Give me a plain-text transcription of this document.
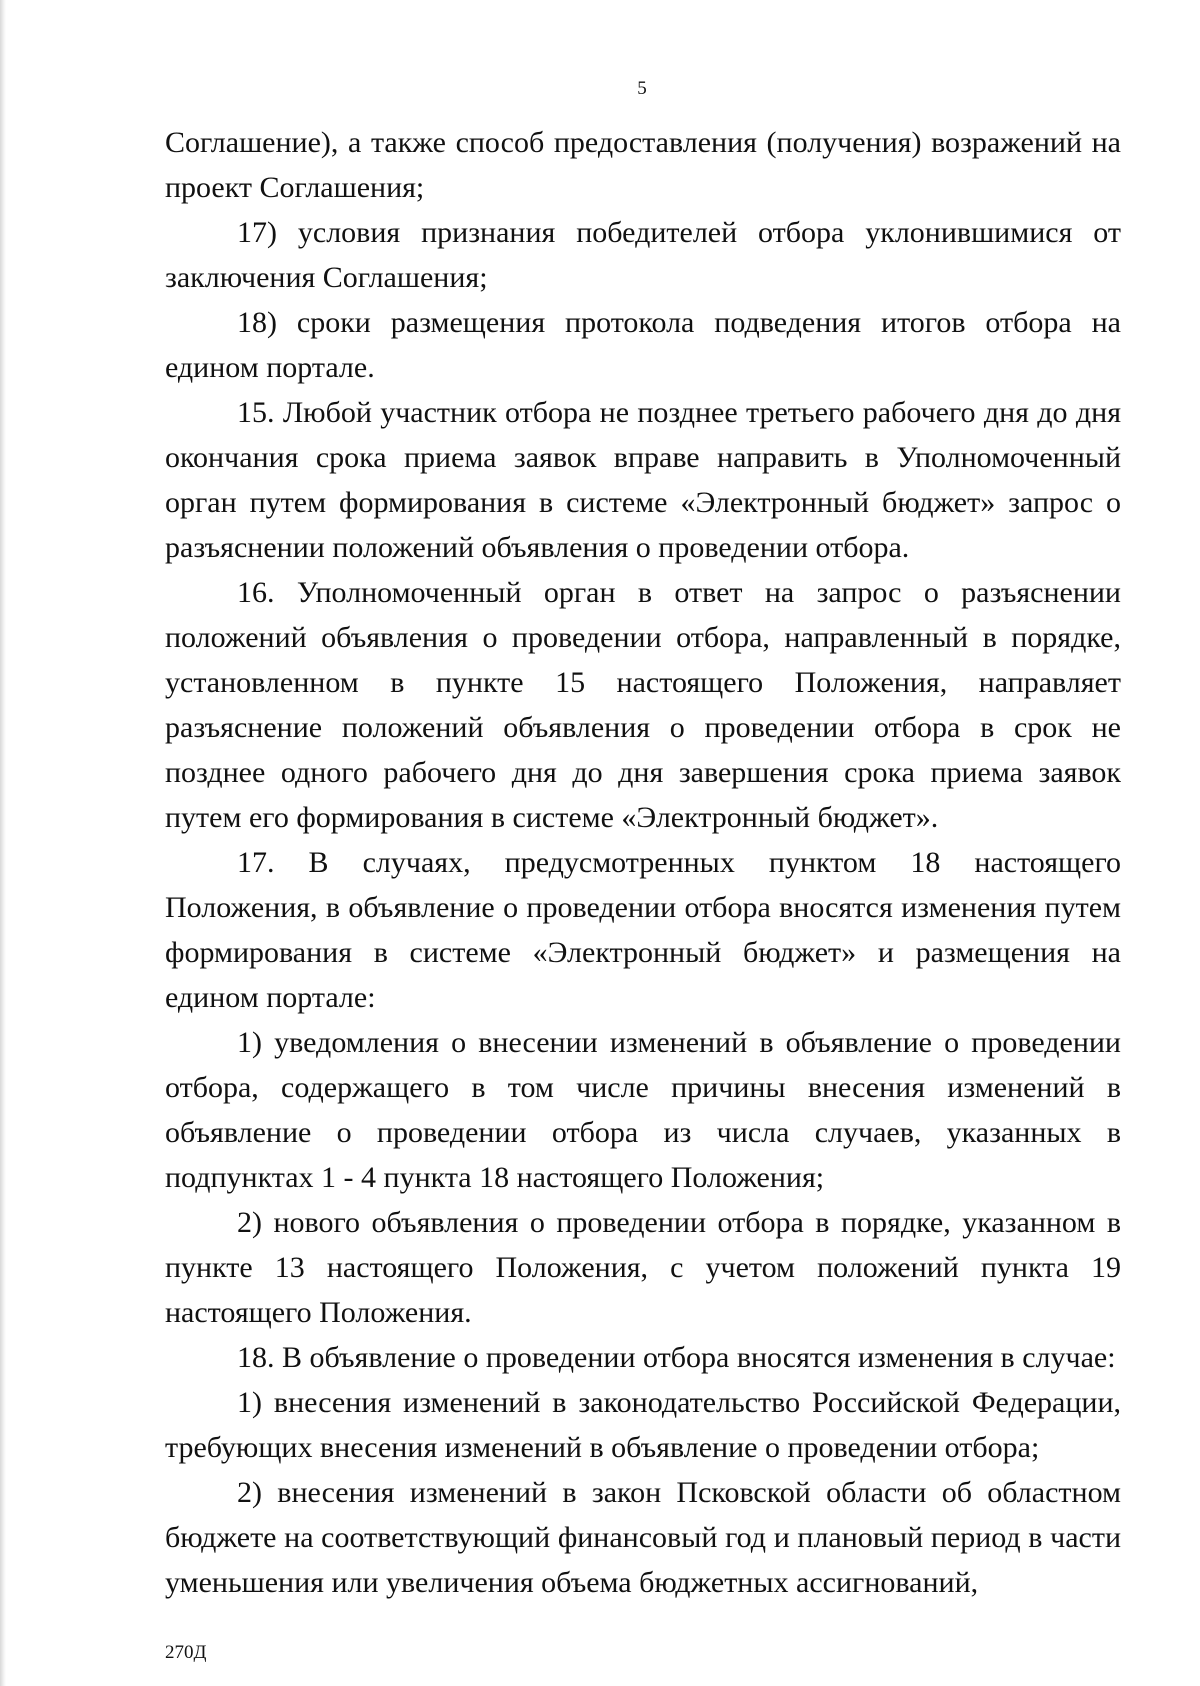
5

Соглашение), а также способ предоставления (получения) возражений на проект Соглашения;

17) условия признания победителей отбора уклонившимися от заключения Соглашения;

18) сроки размещения протокола подведения итогов отбора на едином портале.

15. Любой участник отбора не позднее третьего рабочего дня до дня окончания срока приема заявок вправе направить в Уполномоченный орган путем формирования в системе «Электронный бюджет» запрос о разъяснении положений объявления о проведении отбора.

16. Уполномоченный орган в ответ на запрос о разъяснении положений объявления о проведении отбора, направленный в порядке, установленном в пункте 15 настоящего Положения, направляет разъяснение положений объявления о проведении отбора в срок не позднее одного рабочего дня до дня завершения срока приема заявок путем его формирования в системе «Электронный бюджет».

17. В случаях, предусмотренных пунктом 18 настоящего Положения, в объявление о проведении отбора вносятся изменения путем формирования в системе «Электронный бюджет» и размещения на едином портале:

1) уведомления о внесении изменений в объявление о проведении отбора, содержащего в том числе причины внесения изменений в объявление о проведении отбора из числа случаев, указанных в подпунктах 1 - 4 пункта 18 настоящего Положения;

2) нового объявления о проведении отбора в порядке, указанном в пункте 13 настоящего Положения, с учетом положений пункта 19 настоящего Положения.

18. В объявление о проведении отбора вносятся изменения в случае:

1) внесения изменений в законодательство Российской Федерации, требующих внесения изменений в объявление о проведении отбора;

2) внесения изменений в закон Псковской области об областном бюджете на соответствующий финансовый год и плановый период в части уменьшения или увеличения объема бюджетных ассигнований,

270Д
